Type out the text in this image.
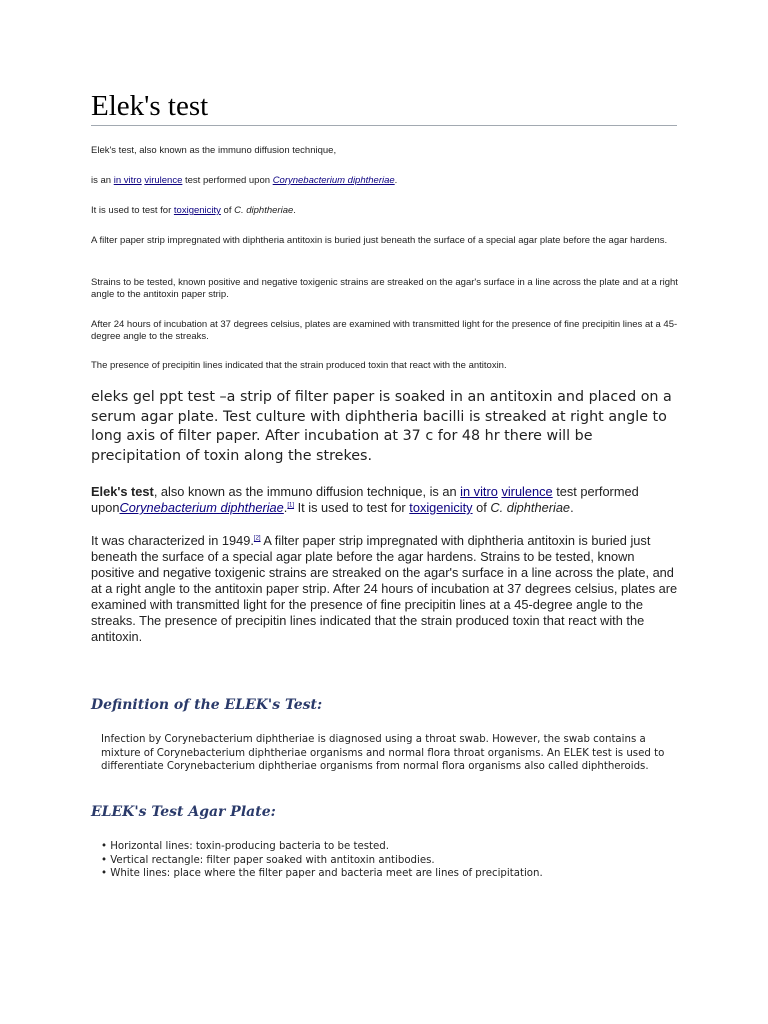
Elek's test
Elek's test, also known as the immuno diffusion technique,
is an in vitro virulence test performed upon Corynebacterium diphtheriae.
It is used to test for toxigenicity of C. diphtheriae.
A filter paper strip impregnated with diphtheria antitoxin is buried just beneath the surface of a special agar plate before the agar hardens.
Strains to be tested, known positive and negative toxigenic strains are streaked on the agar's surface in a line across the plate and at a right angle to the antitoxin paper strip.
After 24 hours of incubation at 37 degrees celsius, plates are examined with transmitted light for the presence of fine precipitin lines at a 45-degree angle to the streaks.
The presence of precipitin lines indicated that the strain produced toxin that react with the antitoxin.
eleks gel ppt test –a strip of filter paper is soaked in an antitoxin and placed on a serum agar plate. Test culture with diphtheria bacilli is streaked at right angle to long axis of filter paper. After incubation at 37 c for 48 hr there will be precipitation of toxin along the strekes.
Elek's test, also known as the immuno diffusion technique, is an in vitro virulence test performed uponCorynebacterium diphtheriae.[1] It is used to test for toxigenicity of C. diphtheriae.
It was characterized in 1949.[2] A filter paper strip impregnated with diphtheria antitoxin is buried just beneath the surface of a special agar plate before the agar hardens. Strains to be tested, known positive and negative toxigenic strains are streaked on the agar's surface in a line across the plate, and at a right angle to the antitoxin paper strip. After 24 hours of incubation at 37 degrees celsius, plates are examined with transmitted light for the presence of fine precipitin lines at a 45-degree angle to the streaks. The presence of precipitin lines indicated that the strain produced toxin that react with the antitoxin.
Definition of the ELEK's Test:
Infection by Corynebacterium diphtheriae is diagnosed using a throat swab. However, the swab contains a mixture of Corynebacterium diphtheriae organisms and normal flora throat organisms. An ELEK test is used to differentiate Corynebacterium diphtheriae organisms from normal flora organisms also called diphtheroids.
ELEK's Test Agar Plate:
• Horizontal lines: toxin-producing bacteria to be tested.
• Vertical rectangle: filter paper soaked with antitoxin antibodies.
• White lines: place where the filter paper and bacteria meet are lines of precipitation.
